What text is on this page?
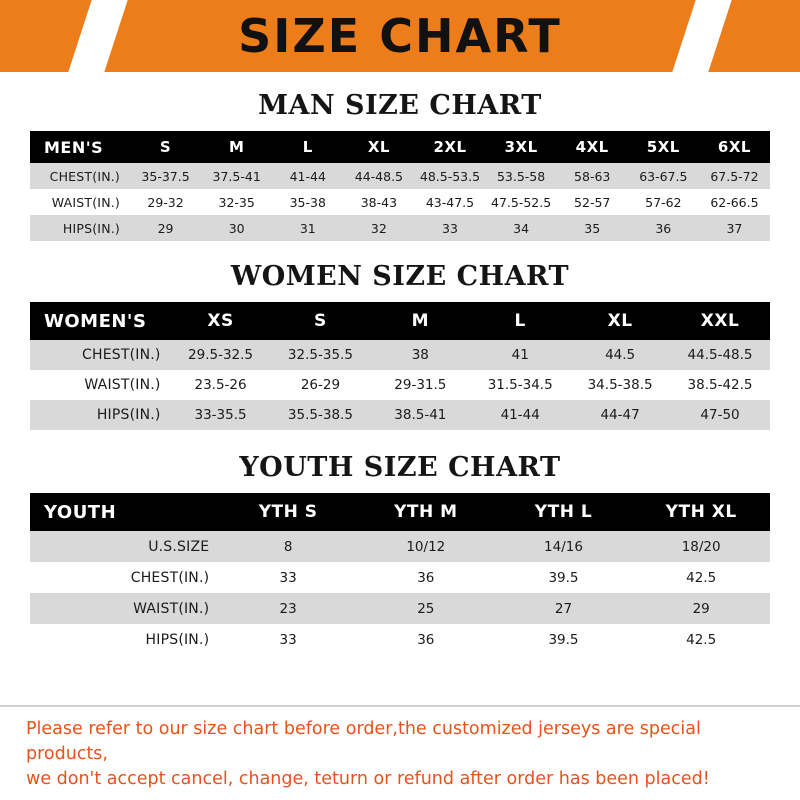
SIZE CHART
MAN SIZE CHART
MEN'S	S	M	L	XL	2XL	3XL	4XL	5XL	6XL
CHEST(IN.)	35-37.5	37.5-41	41-44	44-48.5	48.5-53.5	53.5-58	58-63	63-67.5	67.5-72
WAIST(IN.)	29-32	32-35	35-38	38-43	43-47.5	47.5-52.5	52-57	57-62	62-66.5
HIPS(IN.)	29	30	31	32	33	34	35	36	37
WOMEN SIZE CHART
WOMEN'S	XS	S	M	L	XL	XXL
CHEST(IN.)	29.5-32.5	32.5-35.5	38	41	44.5	44.5-48.5
WAIST(IN.)	23.5-26	26-29	29-31.5	31.5-34.5	34.5-38.5	38.5-42.5
HIPS(IN.)	33-35.5	35.5-38.5	38.5-41	41-44	44-47	47-50
YOUTH SIZE CHART
YOUTH	YTH S	YTH M	YTH L	YTH XL
U.S.SIZE	8	10/12	14/16	18/20
CHEST(IN.)	33	36	39.5	42.5
WAIST(IN.)	23	25	27	29
HIPS(IN.)	33	36	39.5	42.5

Please refer to our size chart before order,the customized jerseys are special products,

we don't accept cancel, change, teturn or refund after order has been placed!
